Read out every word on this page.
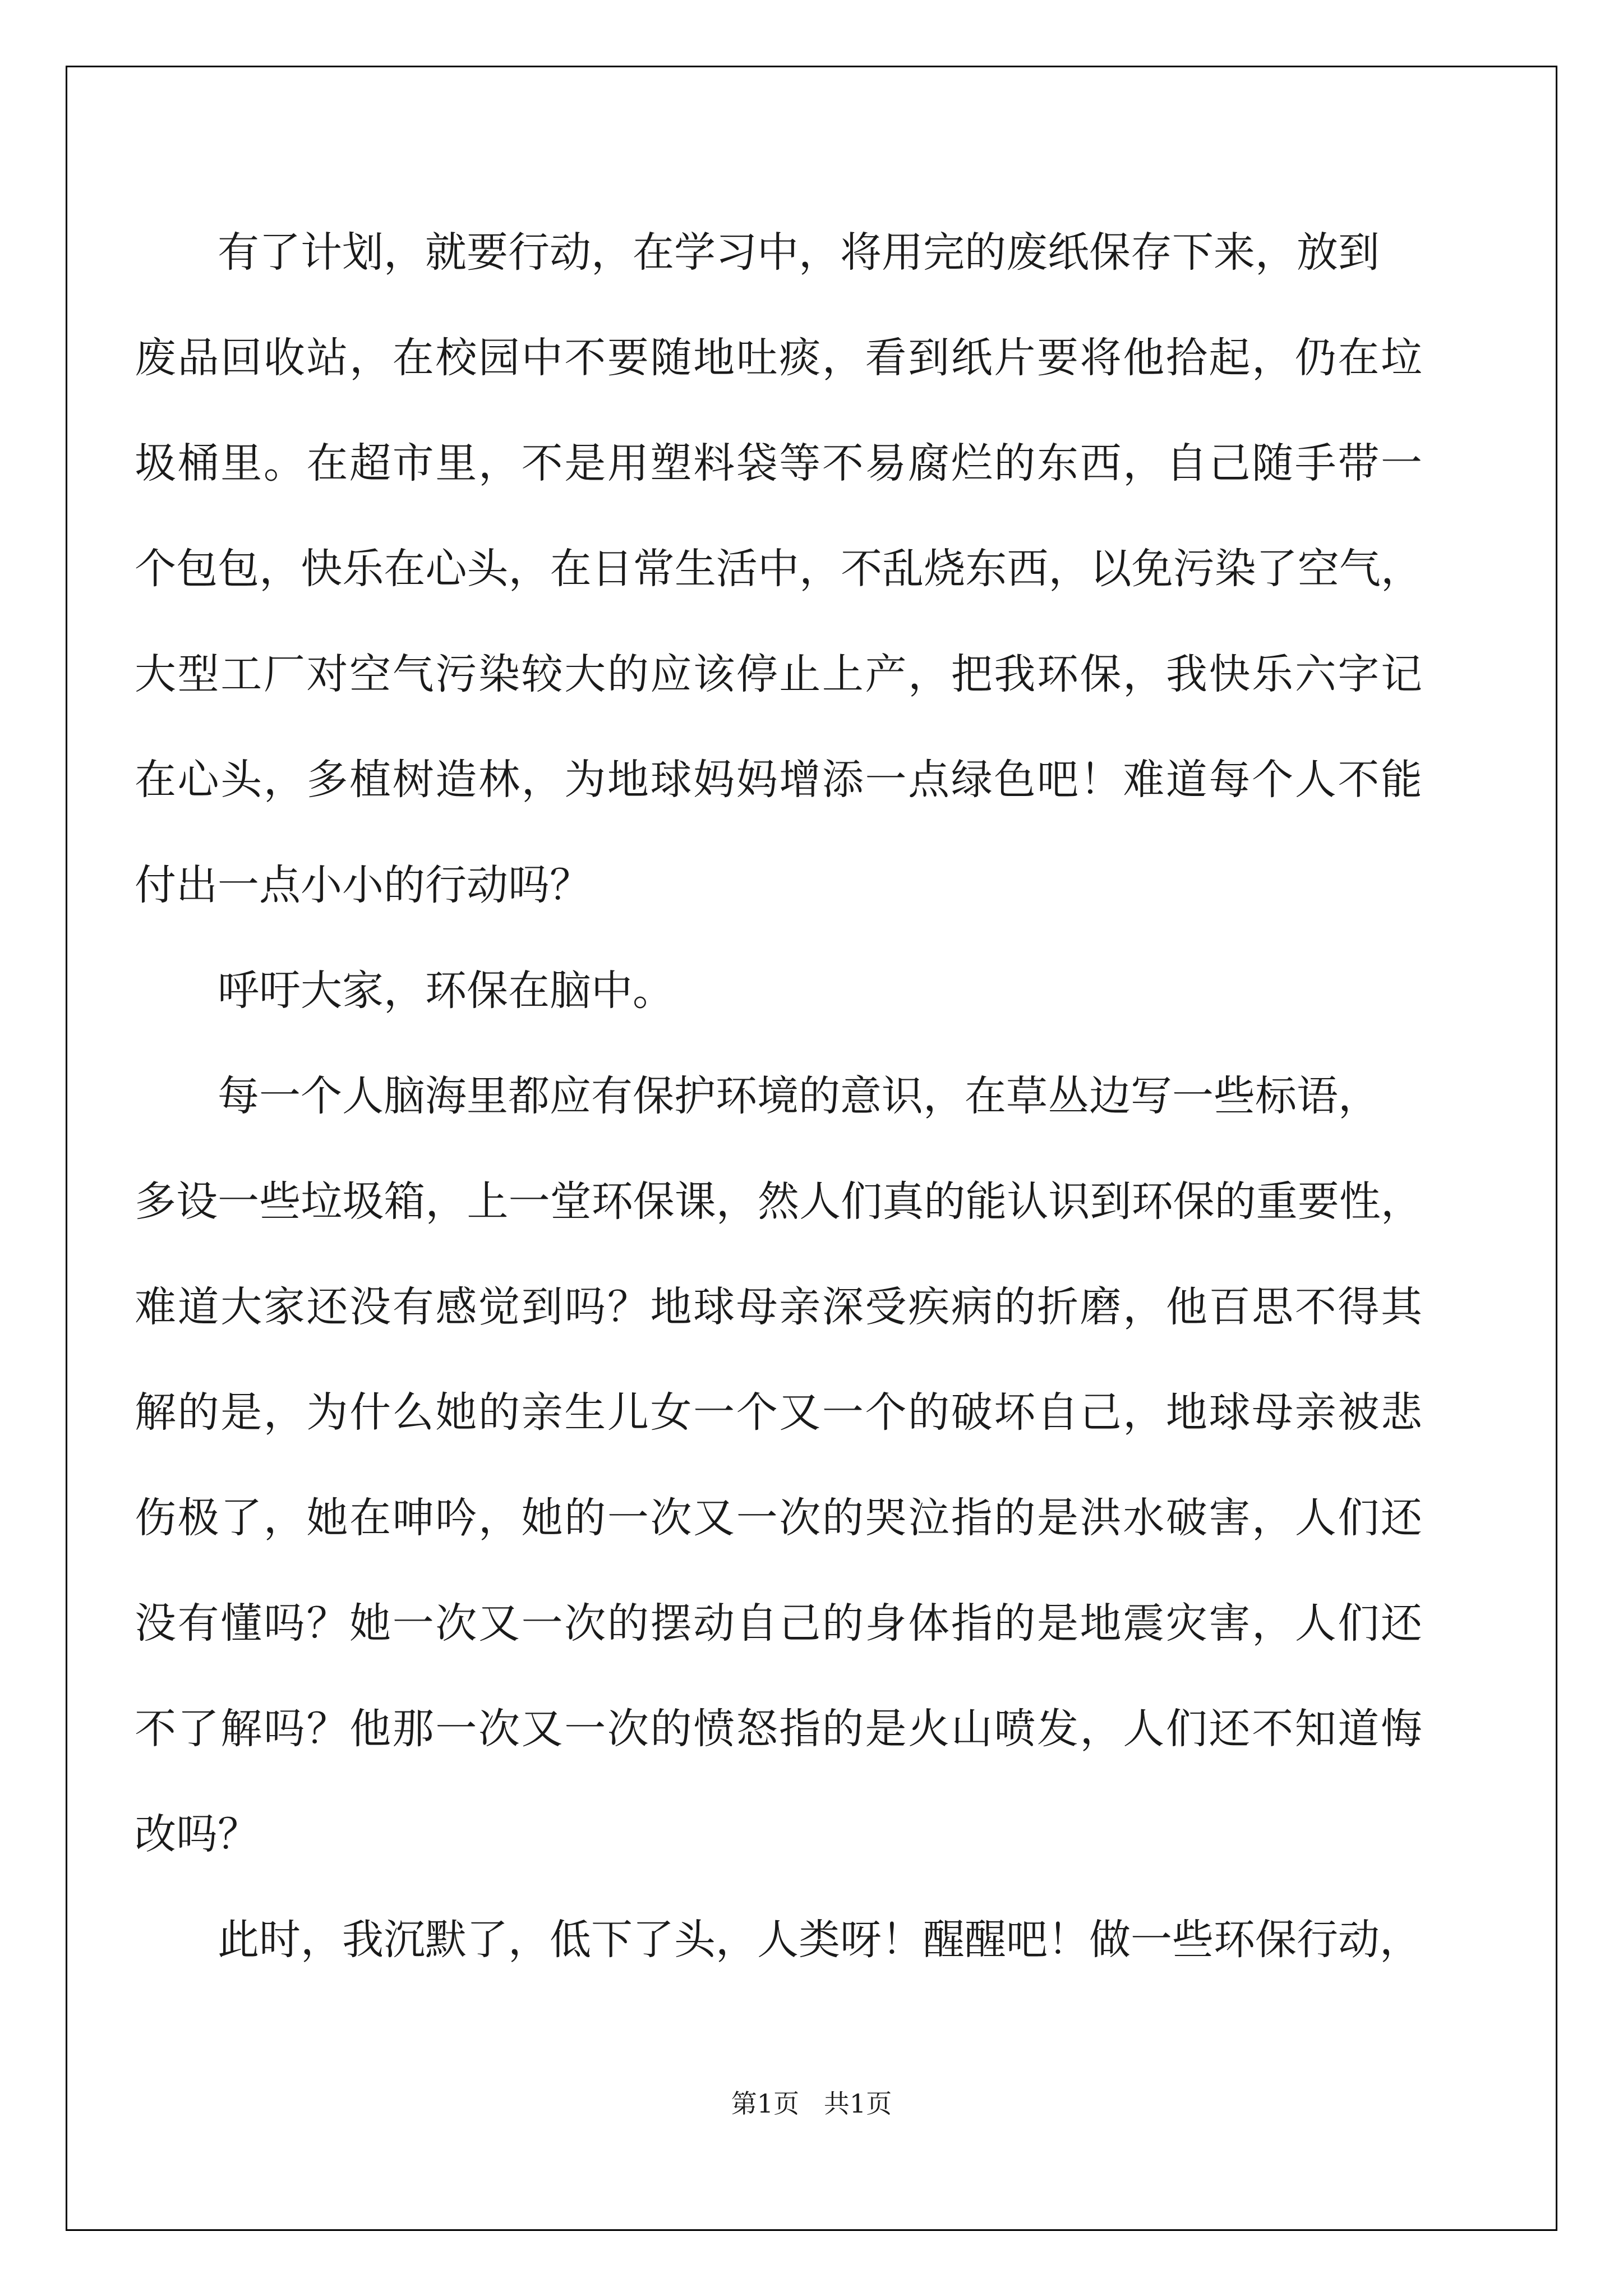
有了计划，就要行动，在学习中，将用完的废纸保存下来，放到
废品回收站，在校园中不要随地吐痰，看到纸片要将他拾起，仍在垃
圾桶里。在超市里，不是用塑料袋等不易腐烂的东西，自己随手带一
个包包，快乐在心头，在日常生活中，不乱烧东西，以免污染了空气，
大型工厂对空气污染较大的应该停止上产，把我环保，我快乐六字记
在心头，多植树造林，为地球妈妈增添一点绿色吧！难道每个人不能
付出一点小小的行动吗？
呼吁大家，环保在脑中。
每一个人脑海里都应有保护环境的意识，在草丛边写一些标语，
多设一些垃圾箱，上一堂环保课，然人们真的能认识到环保的重要性，
难道大家还没有感觉到吗？地球母亲深受疾病的折磨，他百思不得其
解的是，为什么她的亲生儿女一个又一个的破坏自己，地球母亲被悲
伤极了，她在呻吟，她的一次又一次的哭泣指的是洪水破害，人们还
没有懂吗？她一次又一次的摆动自己的身体指的是地震灾害，人们还
不了解吗？他那一次又一次的愤怒指的是火山喷发，人们还不知道悔
改吗？
此时，我沉默了，低下了头，人类呀！醒醒吧！做一些环保行动，
第1页   共1页
